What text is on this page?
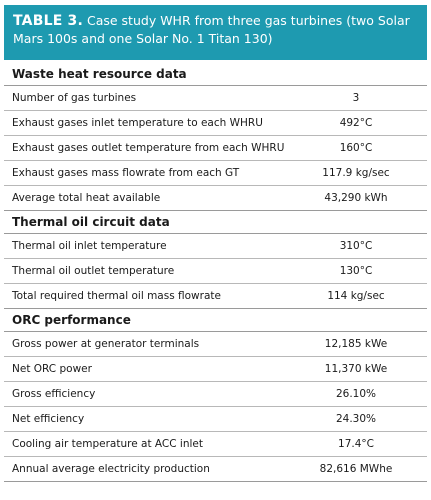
TABLE 3. Case study WHR from three gas turbines (two Solar Mars 100s and one Solar No. 1 Titan 130)
Waste heat resource data
Number of gas turbines	3
Exhaust gases inlet temperature to each WHRU	492°C
Exhaust gases outlet temperature from each WHRU	160°C
Exhaust gases mass flowrate from each GT	117.9 kg/sec
Average total heat available	43,290 kWh
Thermal oil circuit data
Thermal oil inlet temperature	310°C
Thermal oil outlet temperature	130°C
Total required thermal oil mass flowrate	114 kg/sec
ORC performance
Gross power at generator terminals	12,185 kWe
Net ORC power	11,370 kWe
Gross efficiency	26.10%
Net efficiency	24.30%
Cooling air temperature at ACC inlet	17.4°C
Annual average electricity production	82,616 MWhe
